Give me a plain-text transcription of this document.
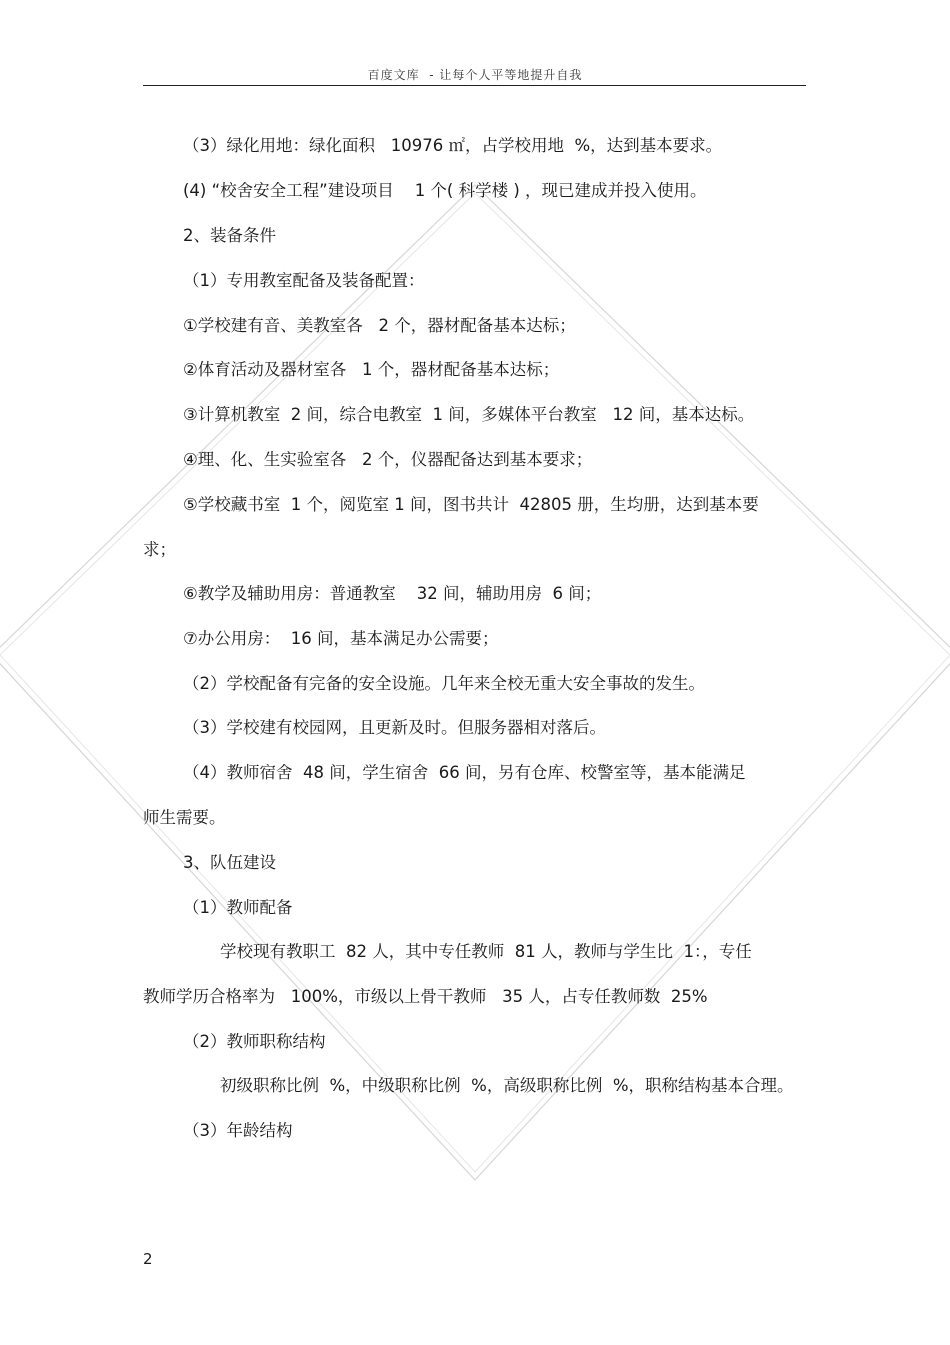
百度文库  - 让每个人平等地提升自我
（3）绿化用地：绿化面积   10976 ㎡，占学校用地  %，达到基本要求。
(4) “校舍安全工程”建设项目    1 个( 科学楼 ) ，现已建成并投入使用。
2、装备条件
（1）专用教室配备及装备配置：
①学校建有音、美教室各   2 个，器材配备基本达标；
②体育活动及器材室各   1 个，器材配备基本达标；
③计算机教室  2 间，综合电教室  1 间，多媒体平台教室   12 间，基本达标。
④理、化、生实验室各   2 个，仪器配备达到基本要求；
⑤学校藏书室  1 个，阅览室 1 间，图书共计  42805 册，生均册，达到基本要
求；
⑥教学及辅助用房：普通教室    32 间，辅助用房  6 间；
⑦办公用房：  16 间，基本满足办公需要；
（2）学校配备有完备的安全设施。几年来全校无重大安全事故的发生。
（3）学校建有校园网，且更新及时。但服务器相对落后。
（4）教师宿舍  48 间，学生宿舍  66 间，另有仓库、校警室等，基本能满足
师生需要。
3、队伍建设
（1）教师配备
学校现有教职工  82 人，其中专任教师  81 人，教师与学生比  1：，专任
教师学历合格率为   100%，市级以上骨干教师   35 人，占专任教师数  25%
（2）教师职称结构
初级职称比例  %，中级职称比例  %，高级职称比例  %，职称结构基本合理。
（3）年龄结构
2
